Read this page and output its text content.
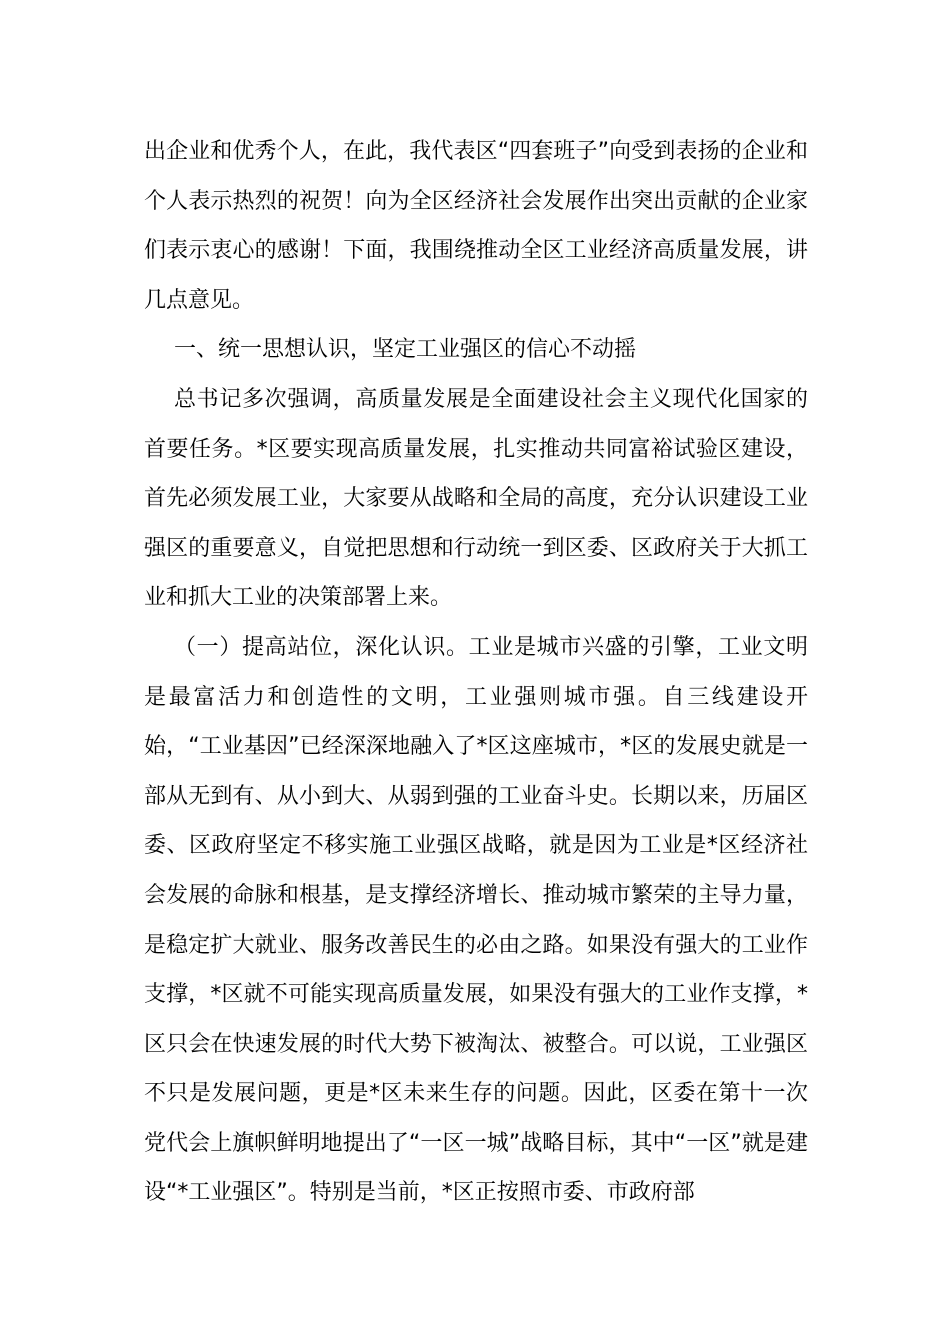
出企业和优秀个人，在此，我代表区“四套班子”向受到表扬的企业和个人表示热烈的祝贺！向为全区经济社会发展作出突出贡献的企业家们表示衷心的感谢！下面，我围绕推动全区工业经济高质量发展，讲几点意见。

一、统一思想认识，坚定工业强区的信心不动摇

总书记多次强调，高质量发展是全面建设社会主义现代化国家的首要任务。*区要实现高质量发展，扎实推动共同富裕试验区建设，首先必须发展工业，大家要从战略和全局的高度，充分认识建设工业强区的重要意义，自觉把思想和行动统一到区委、区政府关于大抓工业和抓大工业的决策部署上来。

（一）提高站位，深化认识。工业是城市兴盛的引擎，工业文明是最富活力和创造性的文明，工业强则城市强。自三线建设开始，“工业基因”已经深深地融入了*区这座城市，*区的发展史就是一部从无到有、从小到大、从弱到强的工业奋斗史。长期以来，历届区委、区政府坚定不移实施工业强区战略，就是因为工业是*区经济社会发展的命脉和根基，是支撑经济增长、推动城市繁荣的主导力量，是稳定扩大就业、服务改善民生的必由之路。如果没有强大的工业作支撑，*区就不可能实现高质量发展，如果没有强大的工业作支撑，*区只会在快速发展的时代大势下被淘汰、被整合。可以说，工业强区不只是发展问题，更是*区未来生存的问题。因此，区委在第十一次党代会上旗帜鲜明地提出了“一区一城”战略目标，其中“一区”就是建设“*工业强区”。特别是当前，*区正按照市委、市政府部
